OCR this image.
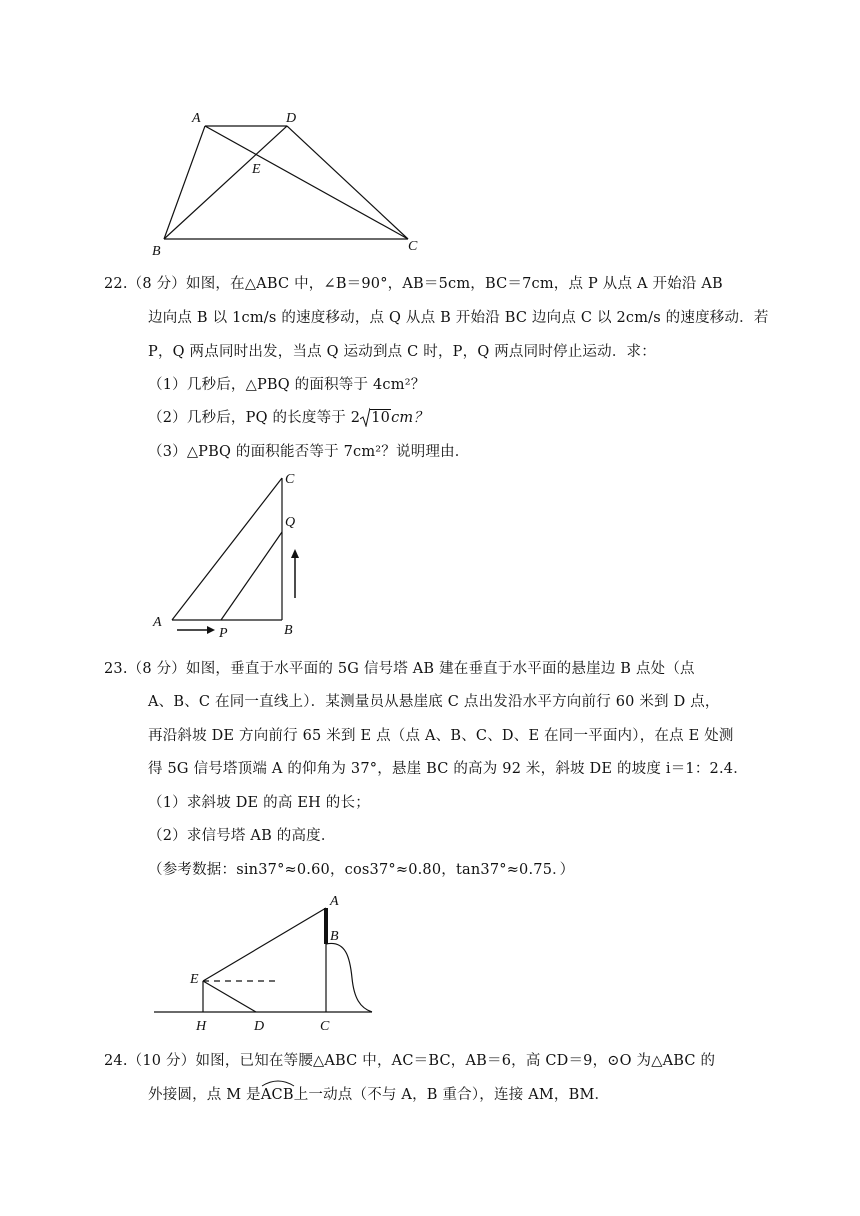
A	D
E
B	C
22.（8 分）如图，在△ABC 中，∠B＝90°，AB＝5cm，BC＝7cm，点 P 从点 A 开始沿 AB
边向点 B 以 1cm/s 的速度移动，点 Q 从点 B 开始沿 BC 边向点 C 以 2cm/s 的速度移动．若
P，Q 两点同时出发，当点 Q 运动到点 C 时，P，Q 两点同时停止运动．求：
（1）几秒后，△PBQ 的面积等于 4cm²？
（2）几秒后，PQ 的长度等于 2 10cm？
（3）△PBQ 的面积能否等于 7cm²？说明理由．
C
Q
A
P	B
23.（8 分）如图，垂直于水平面的 5G 信号塔 AB 建在垂直于水平面的悬崖边 B 点处（点
A、B、C 在同一直线上）．某测量员从悬崖底 C 点出发沿水平方向前行 60 米到 D 点，
再沿斜坡 DE 方向前行 65 米到 E 点（点 A、B、C、D、E 在同一平面内），在点 E 处测
得 5G 信号塔顶端 A 的仰角为 37°，悬崖 BC 的高为 92 米，斜坡 DE 的坡度 i＝1：2.4．
（1）求斜坡 DE 的高 EH 的长；
（2）求信号塔 AB 的高度．
（参考数据：sin37°≈0.60，cos37°≈0.80，tan37°≈0.75．）
A
B
E
H	D	C
24.（10 分）如图，已知在等腰△ABC 中，AC＝BC，AB＝6，高 CD＝9，⊙O 为△ABC 的
外接圆，点 M 是
ACB上一动点（不与 A，B 重合），连接 AM，BM．
